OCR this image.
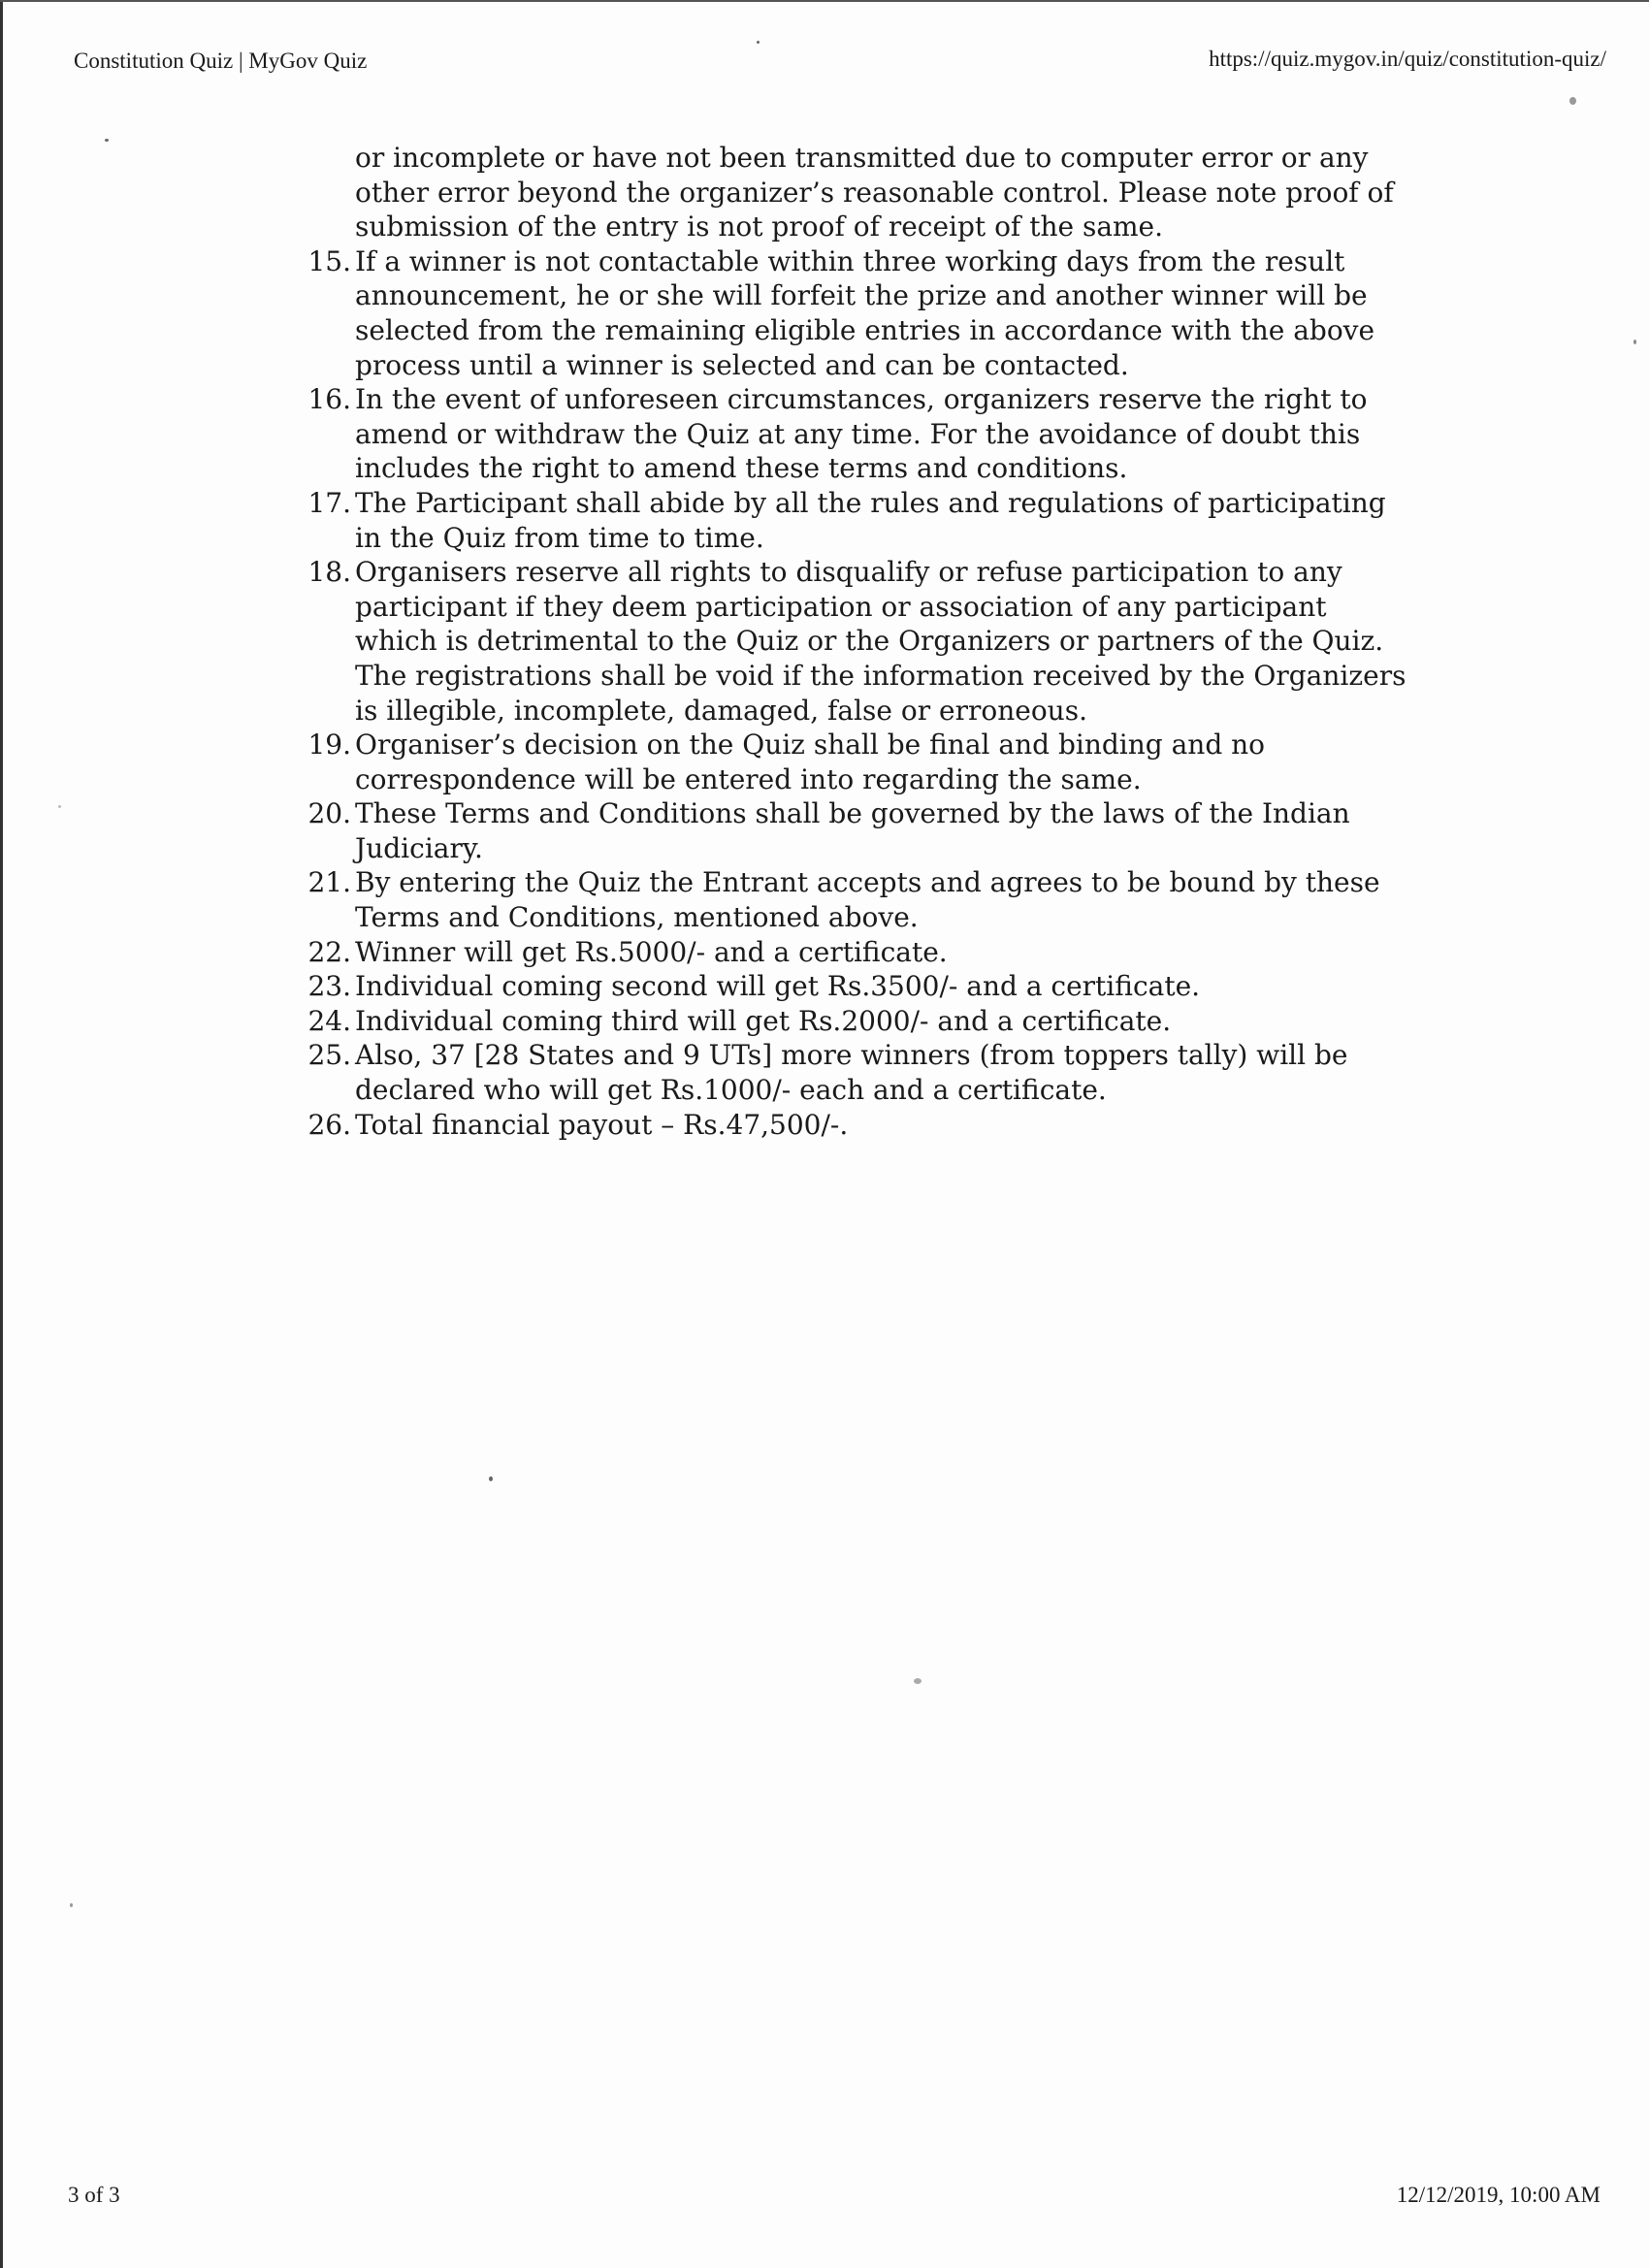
Constitution Quiz | MyGov Quiz	https://quiz.mygov.in/quiz/constitution-quiz/

or incomplete or have not been transmitted due to computer error or any other error beyond the organizer’s reasonable control. Please note proof of submission of the entry is not proof of receipt of the same.

15. If a winner is not contactable within three working days from the result announcement, he or she will forfeit the prize and another winner will be selected from the remaining eligible entries in accordance with the above process until a winner is selected and can be contacted.
16. In the event of unforeseen circumstances, organizers reserve the right to amend or withdraw the Quiz at any time. For the avoidance of doubt this includes the right to amend these terms and conditions.
17. The Participant shall abide by all the rules and regulations of participating in the Quiz from time to time.
18. Organisers reserve all rights to disqualify or refuse participation to any participant if they deem participation or association of any participant which is detrimental to the Quiz or the Organizers or partners of the Quiz. The registrations shall be void if the information received by the Organizers is illegible, incomplete, damaged, false or erroneous.
19. Organiser’s decision on the Quiz shall be final and binding and no correspondence will be entered into regarding the same.
20. These Terms and Conditions shall be governed by the laws of the Indian Judiciary.
21. By entering the Quiz the Entrant accepts and agrees to be bound by these Terms and Conditions, mentioned above.
22. Winner will get Rs.5000/- and a certificate.
23. Individual coming second will get Rs.3500/- and a certificate.
24. Individual coming third will get Rs.2000/- and a certificate.
25. Also, 37 [28 States and 9 UTs] more winners (from toppers tally) will be declared who will get Rs.1000/- each and a certificate.
26. Total financial payout – Rs.47,500/-.
3 of 3	12/12/2019, 10:00 AM
